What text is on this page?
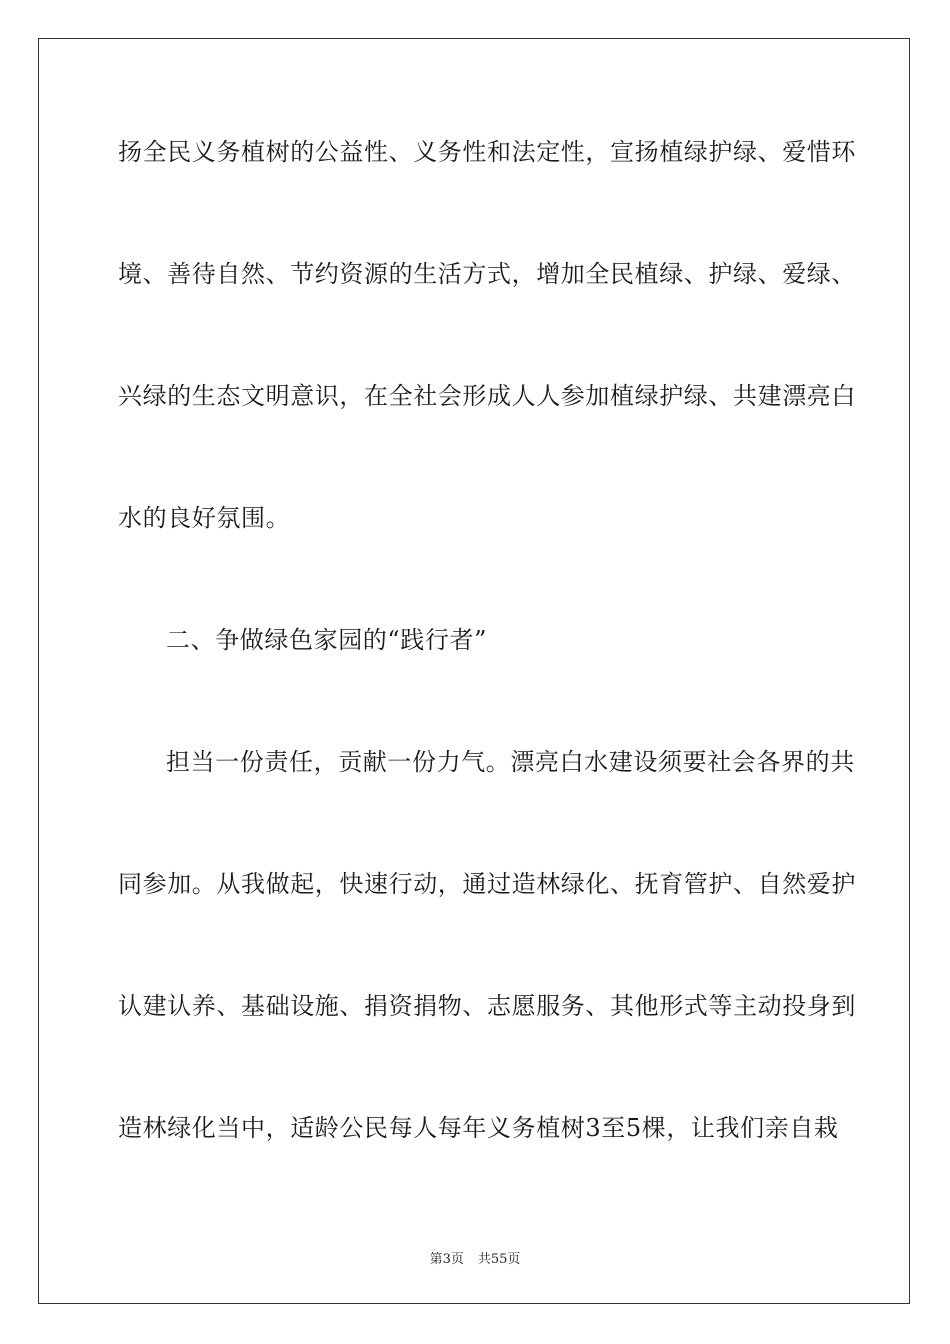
扬全民义务植树的公益性、义务性和法定性，宣扬植绿护绿、爱惜环
境、善待自然、节约资源的生活方式，增加全民植绿、护绿、爱绿、
兴绿的生态文明意识，在全社会形成人人参加植绿护绿、共建漂亮白
水的良好氛围。
二、争做绿色家园的“践行者”
担当一份责任，贡献一份力气。漂亮白水建设须要社会各界的共
同参加。从我做起，快速行动，通过造林绿化、抚育管护、自然爱护
认建认养、基础设施、捐资捐物、志愿服务、其他形式等主动投身到
造林绿化当中，适龄公民每人每年义务植树3至5棵，让我们亲自栽
第3页 共55页
